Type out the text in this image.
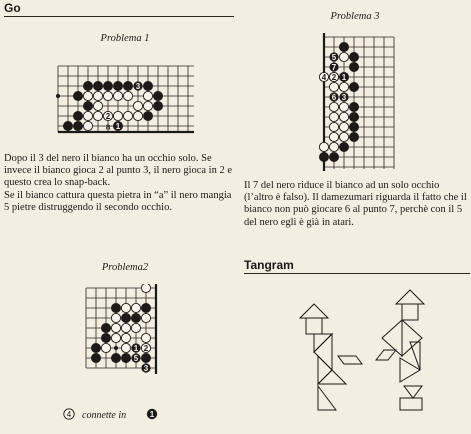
Go
Problema 1
3
2
a 1

Dopo il 3 del nero il bianco ha un occhio solo. Se invece il bianco gioca 2 al punto 3, il nero gioca in 2 e questo crea lo snap-back.

Se il bianco cattura questa pietra in “a” il nero mangia 5 pietre distruggendo il secondo occhio.

Problema2
1 2
3
5
4 connette in	1
Problema 3
7
4 2 1
6 3
5

Il 7 del nero riduce il bianco ad un solo occhio (l’altro è falso). Il damezumari riguarda il fatto che il bianco non può giocare 6 al punto 7, perchè con il 5 del nero egli è già in atari.

Tangram
